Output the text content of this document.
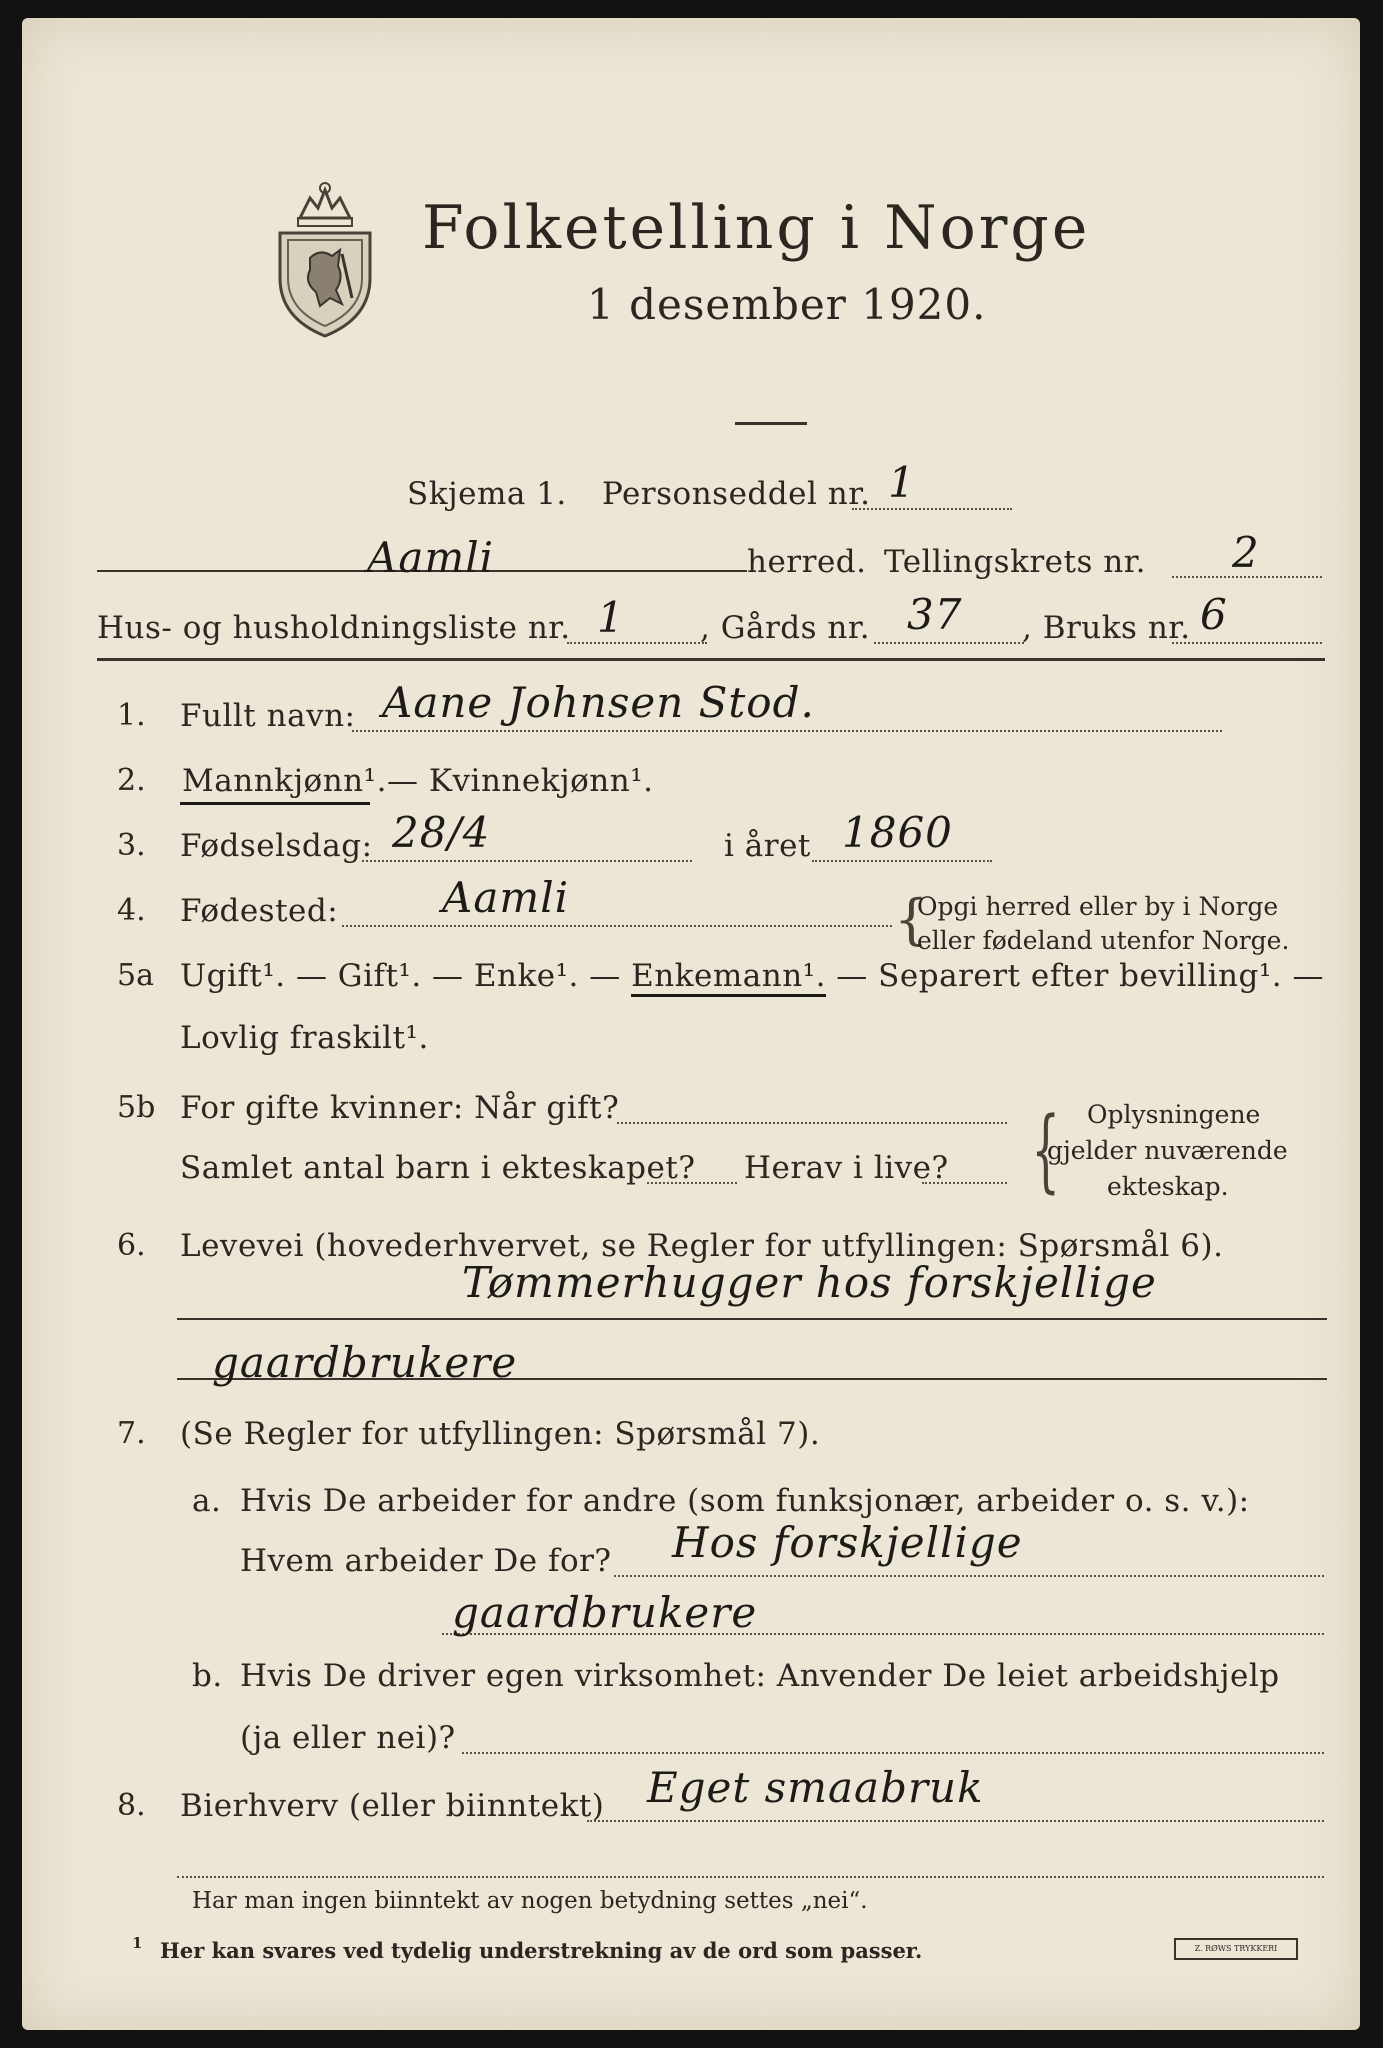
Folketelling i Norge
1 desember 1920.
Skjema 1. Personseddel nr. 1
Aamli	herred. Tellingskrets nr. 2
Hus- og husholdningsliste nr. 1 , Gårds nr. 37 , Bruks nr. 6
1. Fullt navn: Aane Johnsen Stod.
2. Mannkjønn¹. — Kvinnekjønn¹.
3. Fødselsdag: 28/4	i året 1860
4. Fødested: Aamli	{
Opgi herred eller by i Norge
eller fødeland utenfor Norge.
5a Ugift¹. — Gift¹. — Enke¹. — Enkemann¹. — Separert efter bevilling¹. —
Lovlig fraskilt¹.
5b For gifte kvinner: Når gift?
Samlet antal barn i ekteskapet? Herav i live? { Oplysningene
gjelder nuværende
ekteskap.
6. Levevei (hovederhvervet, se Regler for utfyllingen: Spørsmål 6).
Tømmerhugger hos forskjellige
gaardbrukere
7. (Se Regler for utfyllingen: Spørsmål 7).
a. Hvis De arbeider for andre (som funksjonær, arbeider o. s. v.):
Hvem arbeider De for? Hos forskjellige
gaardbrukere
b. Hvis De driver egen virksomhet: Anvender De leiet arbeidshjelp
(ja eller nei)?
8. Bierhverv (eller biinntekt) Eget smaabruk
Har man ingen biinntekt av nogen betydning settes „nei“.
1 Her kan svares ved tydelig understrekning av de ord som passer.	Z. RØWS TRYKKERI
